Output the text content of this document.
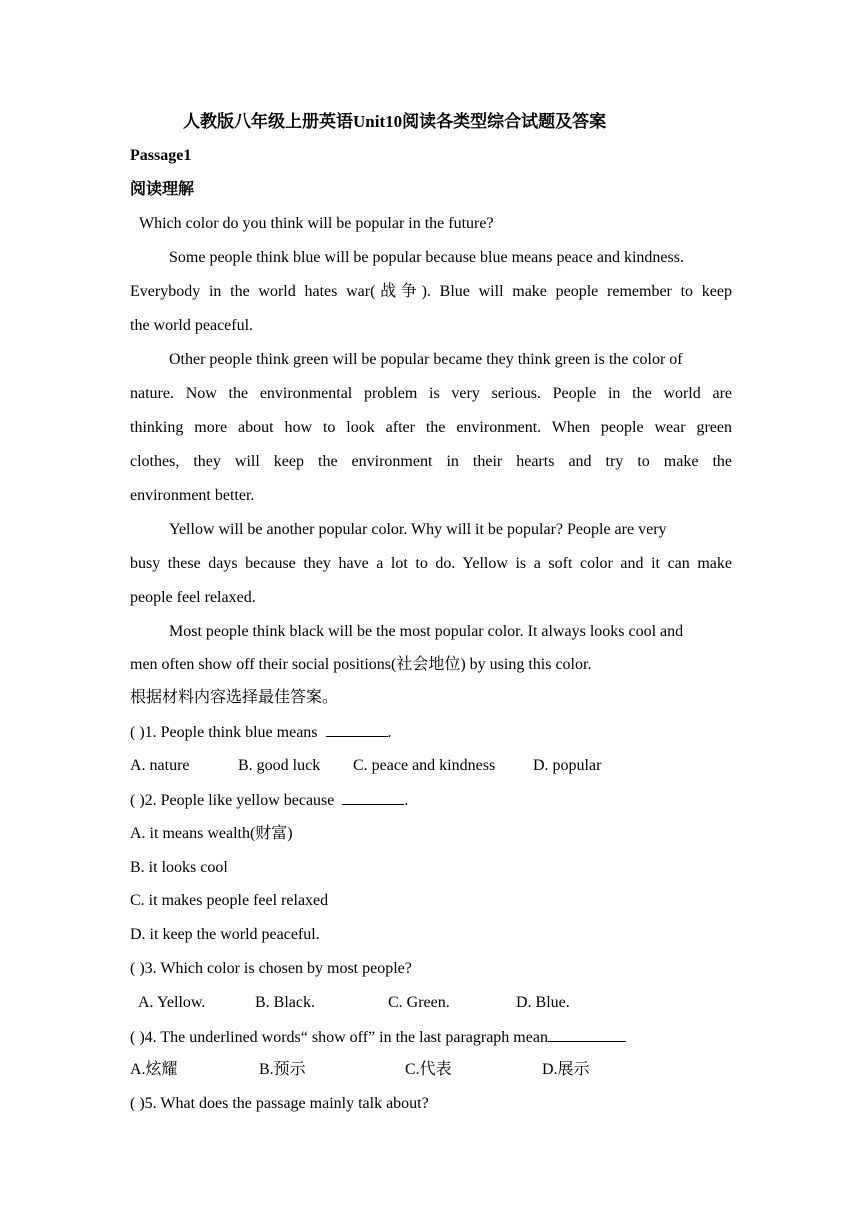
人教版八年级上册英语Unit10阅读各类型综合试题及答案
Passage1
阅读理解
Which color do you think will be popular in the future?
Some people think blue will be popular because blue means peace and kindness.
Everybody in the world hates war(战争). Blue will make people remember to keep
the world peaceful.
Other people think green will be popular became they think green is the color of
nature. Now the environmental problem is very serious. People in the world are
thinking more about how to look after the environment. When people wear green
clothes, they will keep the environment in their hearts and try to make the
environment better.
Yellow will be another popular color. Why will it be popular? People are very
busy these days because they have a lot to do. Yellow is a soft color and it can make
people feel relaxed.
Most people think black will be the most popular color. It always looks cool and
men often show off their social positions(社会地位) by using this color.
根据材料内容选择最佳答案。
( )1. People think blue means	.
A. nature	B. good luck C. peace and kindness D. popular
( )2. People like yellow because	.
A. it means wealth(财富)
B. it looks cool
C. it makes people feel relaxed
D. it keep the world peaceful.
( )3. Which color is chosen by most people?
A. Yellow.	B. Black.	C. Green.	D. Blue.
( )4. The underlined words“ show off” in the last paragraph mean
A.炫耀	B.预示	C.代表	D.展示
( )5. What does the passage mainly talk about?
